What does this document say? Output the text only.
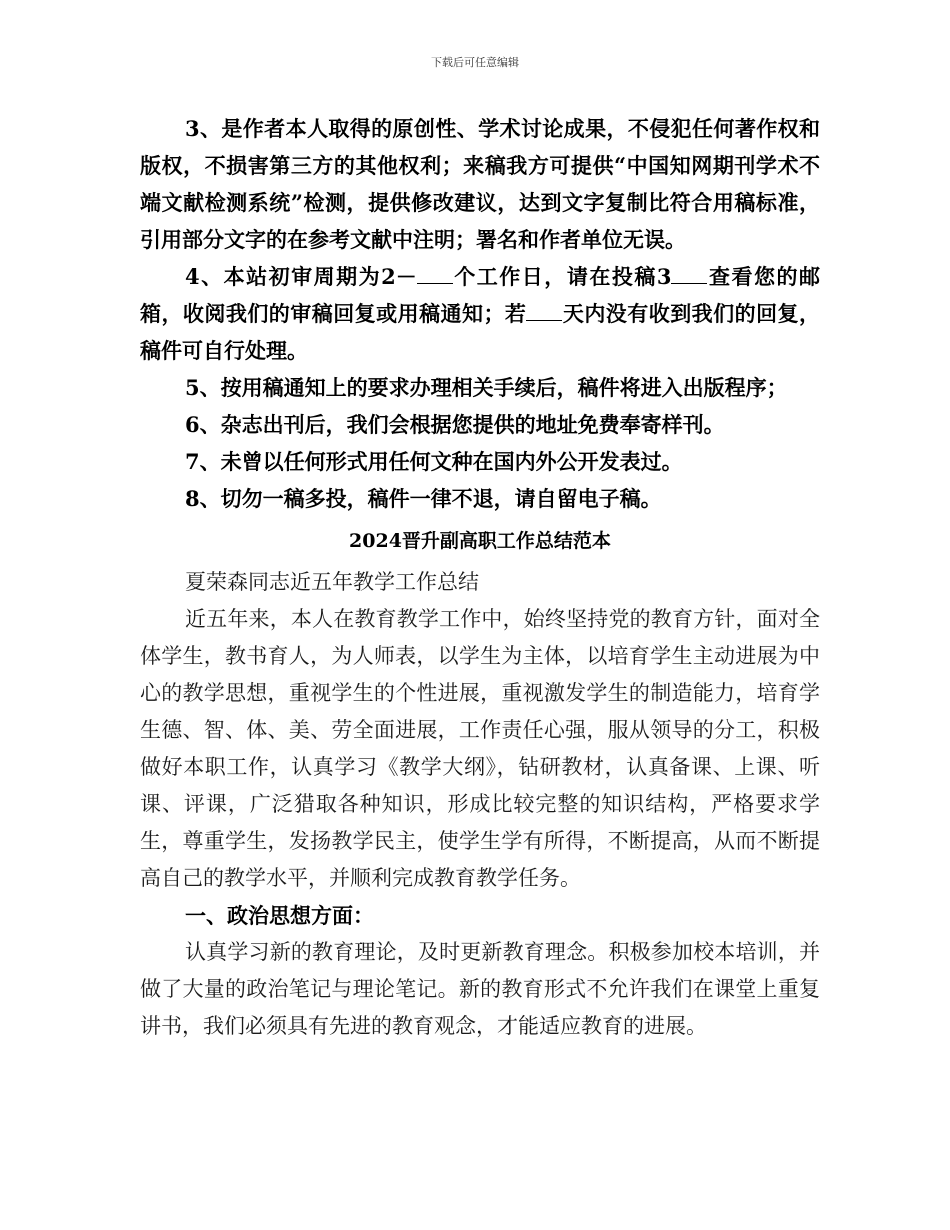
下载后可任意编辑

3、是作者本人取得的原创性、学术讨论成果，不侵犯任何著作权和版权，不损害第三方的其他权利；来稿我方可提供“中国知网期刊学术不端文献检测系统”检测，提供修改建议，达到文字复制比符合用稿标准，引用部分文字的在参考文献中注明；署名和作者单位无误。

4、本站初审周期为2－ 个工作日，请在投稿3 查看您的邮箱，收阅我们的审稿回复或用稿通知；若 天内没有收到我们的回复，稿件可自行处理。

5、按用稿通知上的要求办理相关手续后，稿件将进入出版程序；

6、杂志出刊后，我们会根据您提供的地址免费奉寄样刊。

7、未曾以任何形式用任何文种在国内外公开发表过。

8、切勿一稿多投，稿件一律不退，请自留电子稿。

2024晋升副高职工作总结范本

夏荣森同志近五年教学工作总结

近五年来，本人在教育教学工作中，始终坚持党的教育方针，面对全体学生，教书育人，为人师表，以学生为主体，以培育学生主动进展为中心的教学思想，重视学生的个性进展，重视激发学生的制造能力，培育学生德、智、体、美、劳全面进展，工作责任心强，服从领导的分工，积极做好本职工作，认真学习《教学大纲》，钻研教材，认真备课、上课、听课、评课，广泛猎取各种知识，形成比较完整的知识结构，严格要求学生，尊重学生，发扬教学民主，使学生学有所得，不断提高，从而不断提高自己的教学水平，并顺利完成教育教学任务。

一、政治思想方面：

认真学习新的教育理论，及时更新教育理念。积极参加校本培训，并做了大量的政治笔记与理论笔记。新的教育形式不允许我们在课堂上重复讲书，我们必须具有先进的教育观念，才能适应教育的进展。
